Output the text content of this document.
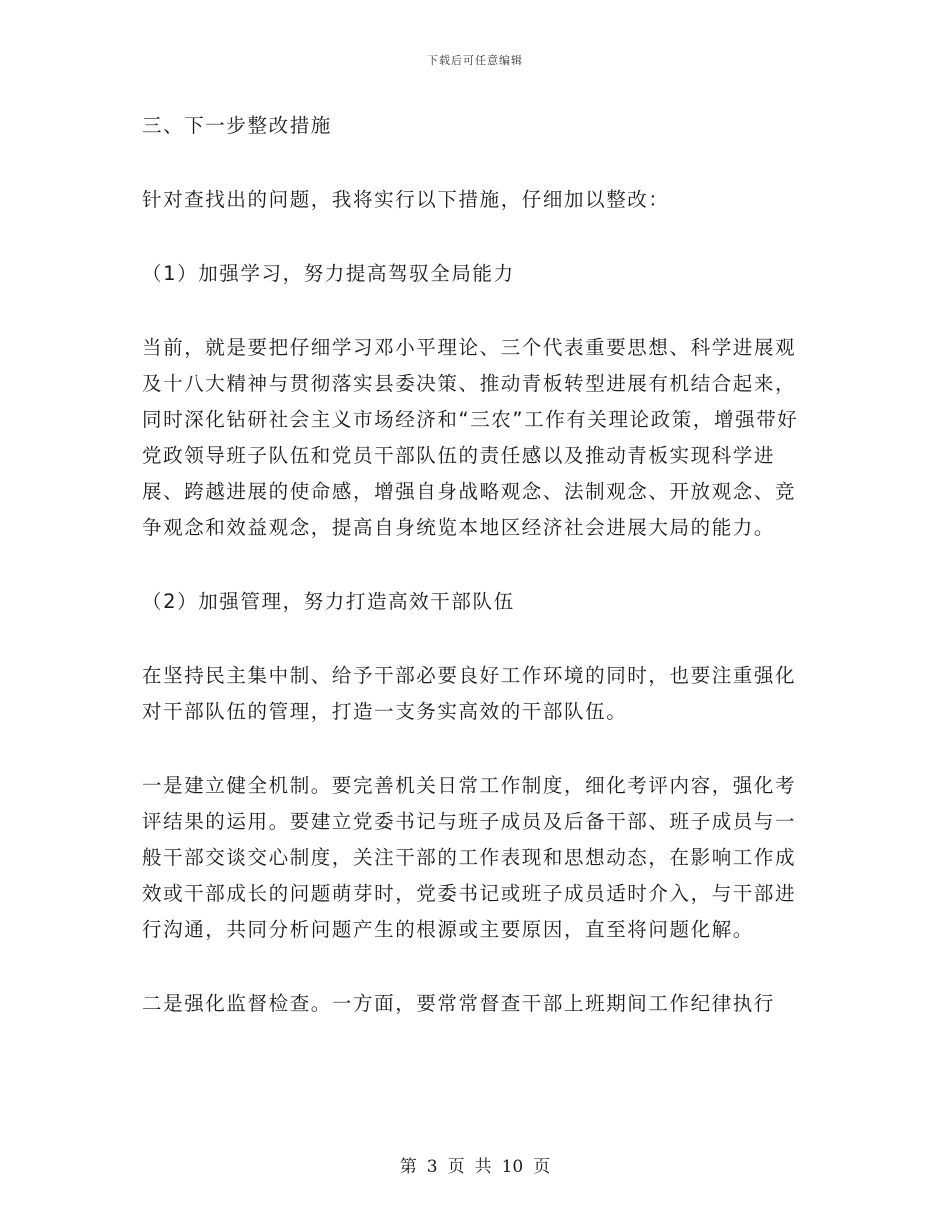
下载后可任意编辑

三、下一步整改措施

针对查找出的问题，我将实行以下措施，仔细加以整改：

（1）加强学习，努力提高驾驭全局能力

当前，就是要把仔细学习邓小平理论、三个代表重要思想、科学进展观及十八大精神与贯彻落实县委决策、推动青板转型进展有机结合起来，同时深化钻研社会主义市场经济和“三农”工作有关理论政策，增强带好党政领导班子队伍和党员干部队伍的责任感以及推动青板实现科学进展、跨越进展的使命感，增强自身战略观念、法制观念、开放观念、竞争观念和效益观念，提高自身统览本地区经济社会进展大局的能力。

（2）加强管理，努力打造高效干部队伍

在坚持民主集中制、给予干部必要良好工作环境的同时，也要注重强化对干部队伍的管理，打造一支务实高效的干部队伍。

一是建立健全机制。要完善机关日常工作制度，细化考评内容，强化考评结果的运用。要建立党委书记与班子成员及后备干部、班子成员与一般干部交谈交心制度，关注干部的工作表现和思想动态，在影响工作成效或干部成长的问题萌芽时，党委书记或班子成员适时介入，与干部进行沟通，共同分析问题产生的根源或主要原因，直至将问题化解。

二是强化监督检查。一方面，要常常督查干部上班期间工作纪律执行

第 3 页 共 10 页
